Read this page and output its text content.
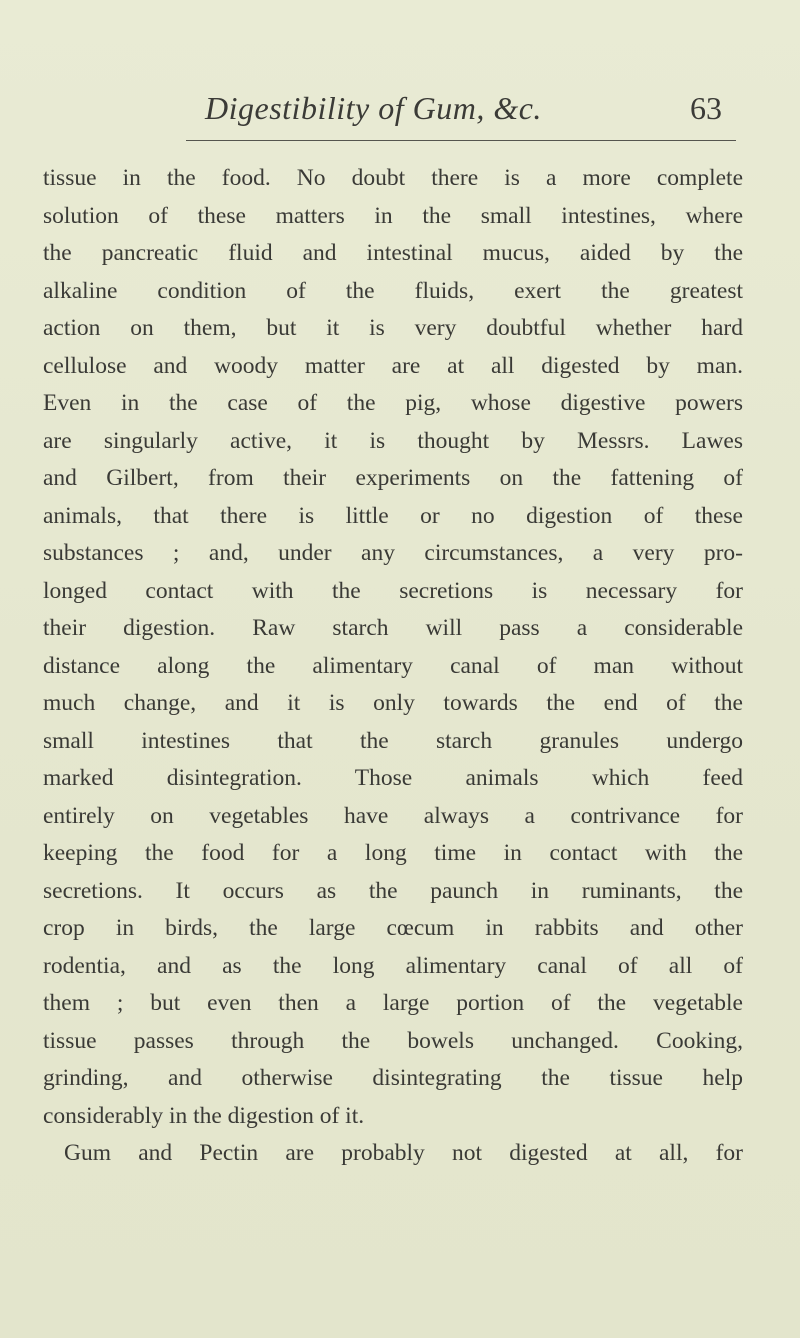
Digestibility of Gum, &c.	63
tissue in the food. No doubt there is a more complete
solution of these matters in the small intestines, where
the pancreatic fluid and intestinal mucus, aided by the
alkaline condition of the fluids, exert the greatest
action on them, but it is very doubtful whether hard
cellulose and woody matter are at all digested by man.
Even in the case of the pig, whose digestive powers
are singularly active, it is thought by Messrs. Lawes
and Gilbert, from their experiments on the fattening of
animals, that there is little or no digestion of these
substances ; and, under any circumstances, a very pro-
longed contact with the secretions is necessary for
their digestion. Raw starch will pass a considerable
distance along the alimentary canal of man without
much change, and it is only towards the end of the
small intestines that the starch granules undergo
marked disintegration. Those animals which feed
entirely on vegetables have always a contrivance for
keeping the food for a long time in contact with the
secretions. It occurs as the paunch in ruminants, the
crop in birds, the large cœcum in rabbits and other
rodentia, and as the long alimentary canal of all of
them ; but even then a large portion of the vegetable
tissue passes through the bowels unchanged. Cooking,
grinding, and otherwise disintegrating the tissue help
considerably in the digestion of it.
Gum and Pectin are probably not digested at all, for
